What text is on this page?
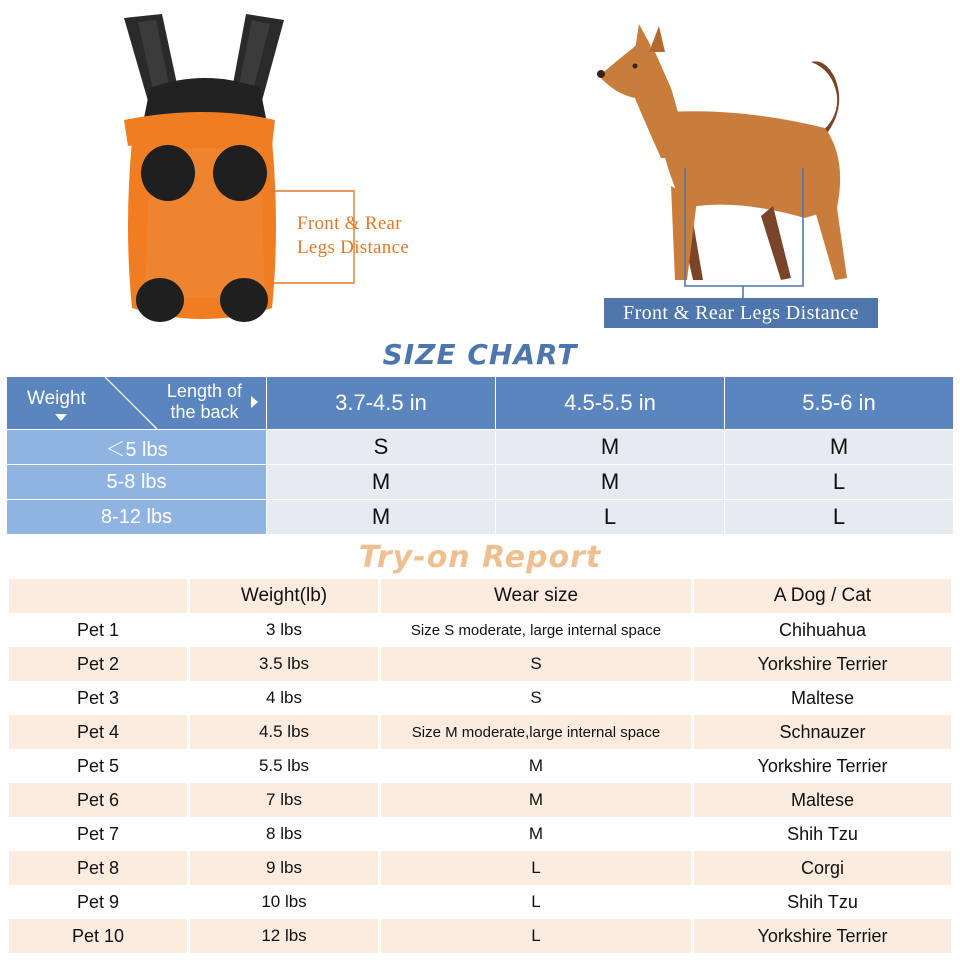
Front & Rear
Legs Distance
Front & Rear Legs Distance
SIZE CHART
Weight Length of
the back	3.7-4.5 in	4.5-5.5 in	5.5-6 in
＜5 lbs	S	M	M
5-8 lbs	M	M	L
8-12 lbs	M	L	L
Try-on Report
	Weight(lb)	Wear size	A Dog / Cat
Pet 1	3 lbs	Size S moderate, large internal space	Chihuahua
Pet 2	3.5 lbs	S	Yorkshire Terrier
Pet 3	4 lbs	S	Maltese
Pet 4	4.5 lbs	Size M moderate,large internal space	Schnauzer
Pet 5	5.5 lbs	M	Yorkshire Terrier
Pet 6	7 lbs	M	Maltese
Pet 7	8 lbs	M	Shih Tzu
Pet 8	9 lbs	L	Corgi
Pet 9	10 lbs	L	Shih Tzu
Pet 10	12 lbs	L	Yorkshire Terrier
